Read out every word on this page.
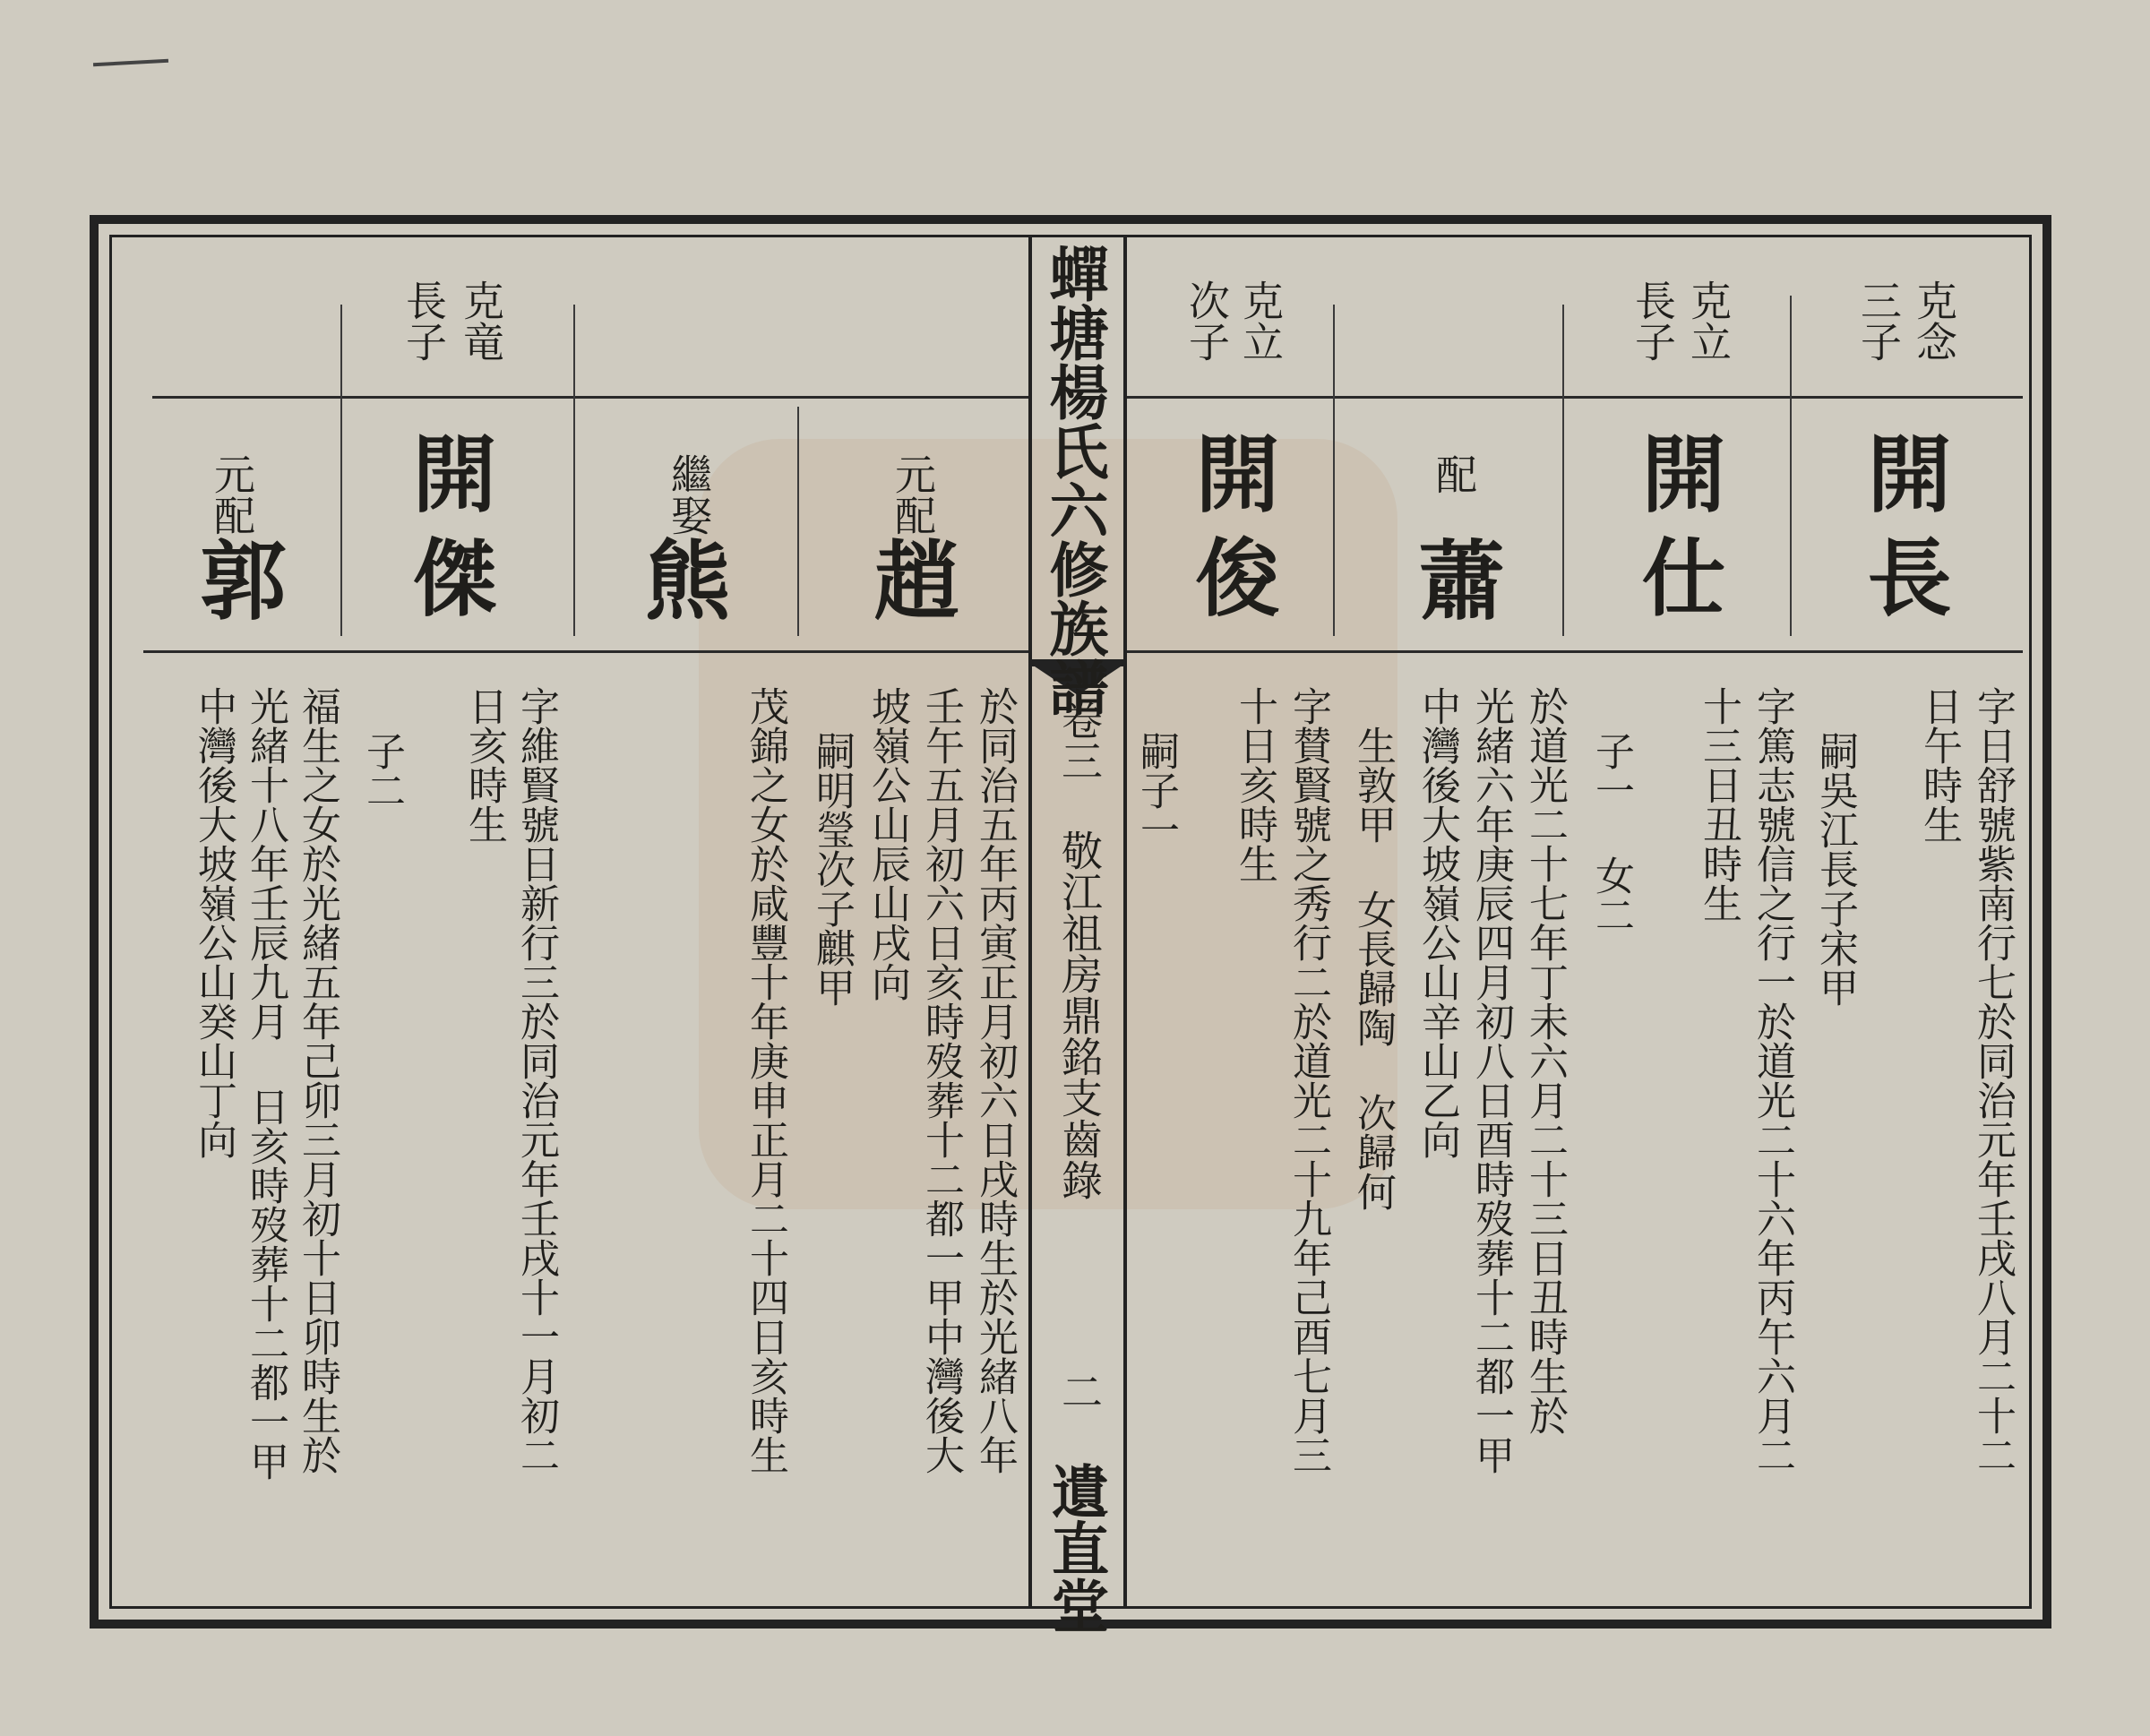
蟬塘楊氏六修族譜
卷三 敬江祖房鼎銘支齒錄
二
遺直堂
克竜
長子
開傑
元配
郭
繼娶
熊
元配
趙
克立
次子
開俊
克立
長子
開仕
克念
三子
開長
配
蕭
中灣後大坡嶺公山癸山丁向 光緒十八年壬辰九月 日亥時歿葬十二都一甲 福生之女於光緒五年己卯三月初十日卯時生於 子二 日亥時生 字維賢號日新行三於同治元年壬戌十一月初二	茂錦之女於咸豐十年庚申正月二十四日亥時生 嗣明瑩次子麒甲 坡嶺公山辰山戌向 壬午五月初六日亥時歿葬十二都一甲中灣後大 於同治五年丙寅正月初六日戌時生於光緒八年	嗣子一 十日亥時生 字賛賢號之秀行二於道光二十九年己酉七月三 生敦甲 女長歸陶 次歸何 中灣後大坡嶺公山辛山乙向 光緒六年庚辰四月初八日酉時歿葬十二都一甲 於道光二十七年丁未六月二十三日丑時生於 子一 女二 十三日丑時生 字篤志號信之行一於道光二十六年丙午六月二 嗣吳江長子宋甲 日午時生 字日舒號紫南行七於同治元年壬戌八月二十二
